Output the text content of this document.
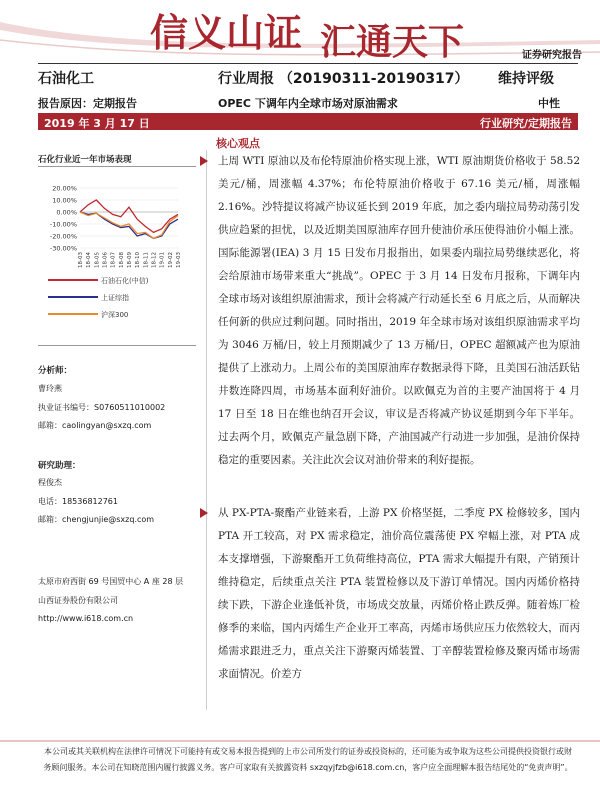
信义山证 汇通天下	证券研究报告
石油化工	行业周报 （20190311-20190317） 维持评级
报告原因：定期报告	OPEC 下调年内全球市场对原油需求	中性
2019 年 3 月 17 日	行业研究/定期报告
石化行业近一年市场表现
20.00%
10.00%
0.00%
-10.00%
-20.00%
-30.00%
18-03 18-04 18-05 18-06 18-07 18-08 18-09 18-10 18-11 18-12 19-01 19-02 19-03
石油石化(中信)
上证综指
沪深300
分析师：
曹玲燕
执业证书编号：S0760511010002
邮箱：caolingyan@sxzq.com
研究助理：
程俊杰
电话：18536812761
邮箱：chengjunjie@sxzq.com
太原市府西街 69 号国贸中心 A 座 28 层
山西证券股份有限公司
http://www.i618.com.cn
核心观点

上周 WTI 原油以及布伦特原油价格实现上涨，WTI 原油期货价格收于 58.52 美元/桶，周涨幅 4.37%；布伦特原油价格收于 67.16 美元/桶，周涨幅 2.16%。沙特提议将减产协议延长到 2019 年底，加之委内瑞拉局势动荡引发供应趋紧的担忧，以及近期美国原油库存回升使油价承压使得油价小幅上涨。国际能源署(IEA) 3 月 15 日发布月报指出，如果委内瑞拉局势继续恶化，将会给原油市场带来重大“挑战”。OPEC 于 3 月 14 日发布月报称，下调年内全球市场对该组织原油需求，预计会将减产行动延长至 6 月底之后，从而解决任何新的供应过剩问题。同时指出，2019 年全球市场对该组织原油需求平均为 3046 万桶/日，较上月预期减少了 13 万桶/日，OPEC 超额减产也为原油提供了上涨动力。上周公布的美国原油库存数据录得下降，且美国石油活跃钻井数连降四周，市场基本面利好油价。以欧佩克为首的主要产油国将于 4 月 17 日至 18 日在维也纳召开会议，审议是否将减产协议延期到今年下半年。过去两个月，欧佩克产量急剧下降，产油国减产行动进一步加强，是油价保持稳定的重要因素。关注此次会议对油价带来的利好提振。

从 PX-PTA-聚酯产业链来看，上游 PX 价格坚挺，二季度 PX 检修较多，国内 PTA 开工较高，对 PX 需求稳定，油价高位震荡使 PX 窄幅上涨，对 PTA 成本支撑增强，下游聚酯开工负荷维持高位，PTA 需求大幅提升有限，产销预计维持稳定，后续重点关注 PTA 装置检修以及下游订单情况。国内丙烯价格持续下跌，下游企业逢低补货，市场成交放量，丙烯价格止跌反弹。随着炼厂检修季的来临，国内丙烯生产企业开工率高，丙烯市场供应压力依然较大，而丙烯需求跟进乏力，重点关注下游聚丙烯装置、丁辛醇装置检修及聚丙烯市场需求面情况。价差方

本公司或其关联机构在法律许可情况下可能持有或交易本报告提到的上市公司所发行的证券或投资标的，还可能为或争取为这些公司提供投资银行或财
务顾问服务。本公司在知晓范围内履行披露义务。客户可家取有关披露资料 sxzqyjfzb@i618.com.cn，客户应全面理解本报告结尾处的“免责声明”。
